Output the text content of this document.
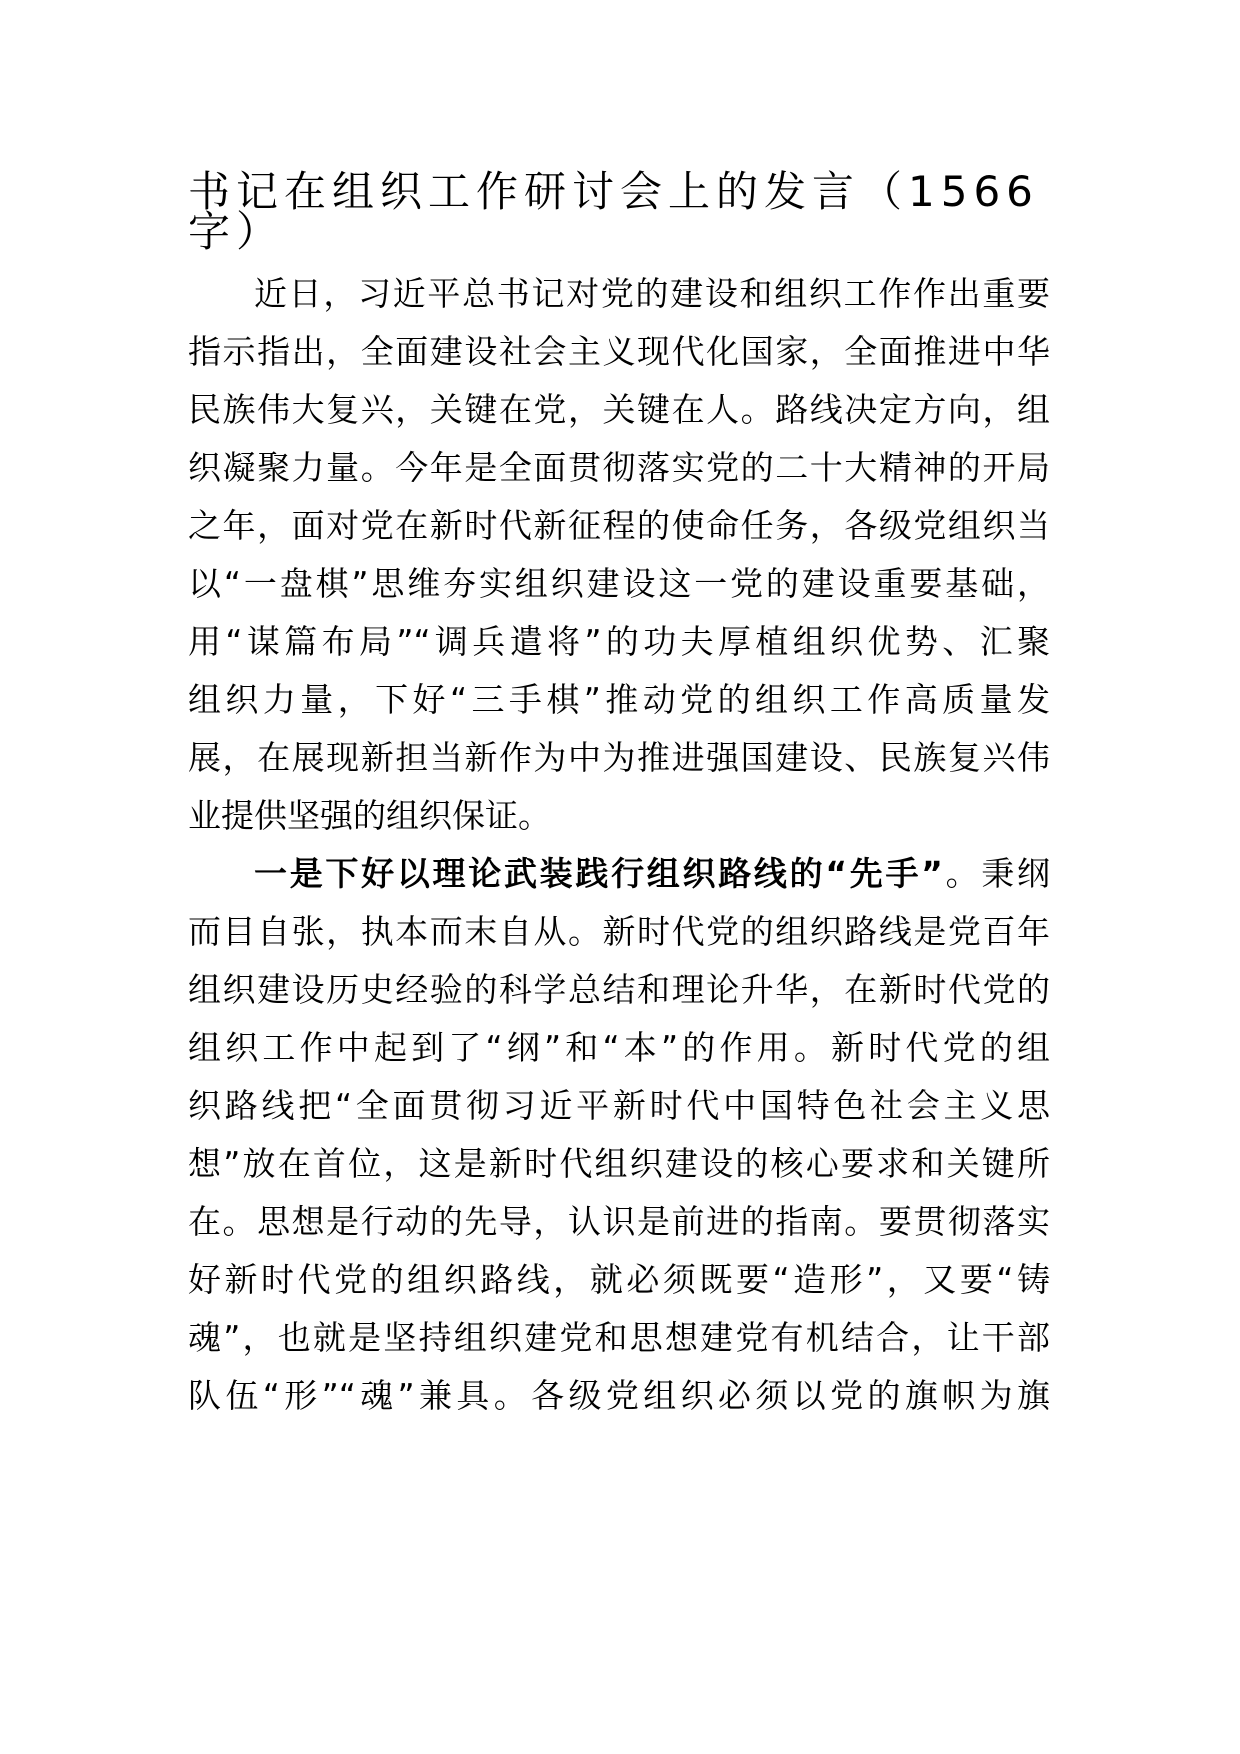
书记在组织工作研讨会上的发言（1566
字）
近日，习近平总书记对党的建设和组织工作作出重要
指示指出，全面建设社会主义现代化国家，全面推进中华
民族伟大复兴，关键在党，关键在人。路线决定方向，组
织凝聚力量。今年是全面贯彻落实党的二十大精神的开局
之年，面对党在新时代新征程的使命任务，各级党组织当
以“一盘棋”思维夯实组织建设这一党的建设重要基础，
用“谋篇布局”“调兵遣将”的功夫厚植组织优势、汇聚
组织力量，下好“三手棋”推动党的组织工作高质量发
展，在展现新担当新作为中为推进强国建设、民族复兴伟
业提供坚强的组织保证。
一是下好以理论武装践行组织路线的“先手”。秉纲
而目自张，执本而末自从。新时代党的组织路线是党百年
组织建设历史经验的科学总结和理论升华，在新时代党的
组织工作中起到了“纲”和“本”的作用。新时代党的组
织路线把“全面贯彻习近平新时代中国特色社会主义思
想”放在首位，这是新时代组织建设的核心要求和关键所
在。思想是行动的先导，认识是前进的指南。要贯彻落实
好新时代党的组织路线，就必须既要“造形”，又要“铸
魂”，也就是坚持组织建党和思想建党有机结合，让干部
队伍“形”“魂”兼具。各级党组织必须以党的旗帜为旗
